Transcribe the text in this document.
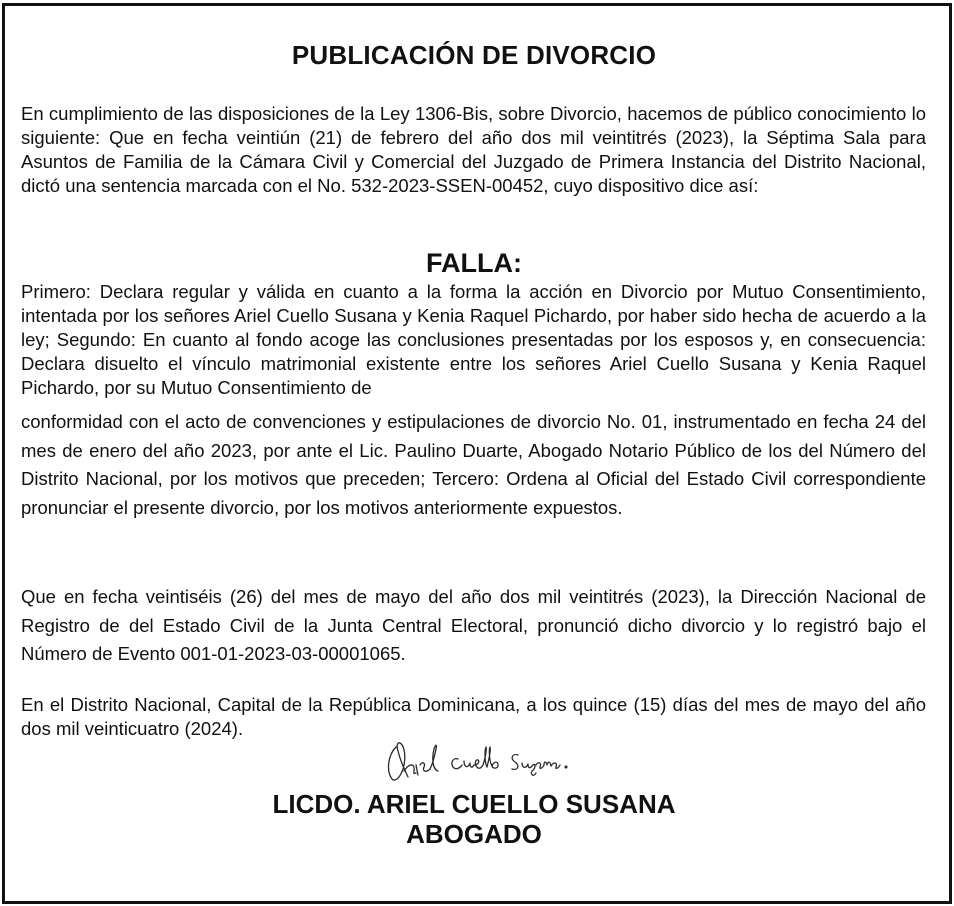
PUBLICACIÓN DE DIVORCIO

En cumplimiento de las disposiciones de la Ley 1306-Bis, sobre Divorcio, hacemos de público conocimiento lo siguiente: Que en fecha veintiún (21) de febrero del año dos mil veintitrés (2023), la Séptima Sala para Asuntos de Familia de la Cámara Civil y Comercial del Juzgado de Primera Instancia del Distrito Nacional, dictó una sentencia marcada con el No. 532-2023-SSEN-00452, cuyo dispositivo dice así:

FALLA:

Primero: Declara regular y válida en cuanto a la forma la acción en Divorcio por Mutuo Consentimiento, intentada por los señores Ariel Cuello Susana y Kenia Raquel Pichardo, por haber sido hecha de acuerdo a la ley; Segundo: En cuanto al fondo acoge las conclusiones presentadas por los esposos y, en consecuencia: Declara disuelto el vínculo matrimonial existente entre los señores Ariel Cuello Susana y Kenia Raquel Pichardo, por su Mutuo Consentimiento de

conformidad con el acto de convenciones y estipulaciones de divorcio No. 01, instrumentado en fecha 24 del mes de enero del año 2023, por ante el Lic. Paulino Duarte, Abogado Notario Público de los del Número del Distrito Nacional, por los motivos que preceden; Tercero: Ordena al Oficial del Estado Civil correspondiente pronunciar el presente divorcio, por los motivos anteriormente expuestos.

Que en fecha veintiséis (26) del mes de mayo del año dos mil veintitrés (2023), la Dirección Nacional de Registro de del Estado Civil de la Junta Central Electoral, pronunció dicho divorcio y lo registró bajo el Número de Evento 001-01-2023-03-00001065.

En el Distrito Nacional, Capital de la República Dominicana, a los quince (15) días del mes de mayo del año dos mil veinticuatro (2024).

LICDO. ARIEL CUELLO SUSANA
ABOGADO
